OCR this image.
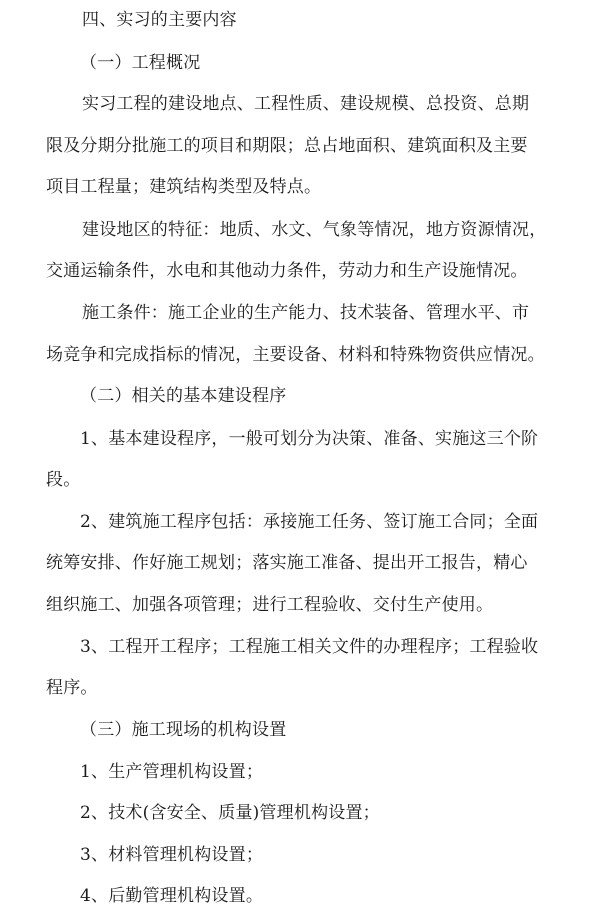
四、实习的主要内容
（一）工程概况
实习工程的建设地点、工程性质、建设规模、总投资、总期
限及分期分批施工的项目和期限；总占地面积、建筑面积及主要
项目工程量；建筑结构类型及特点。
建设地区的特征：地质、水文、气象等情况，地方资源情况，
交通运输条件，水电和其他动力条件，劳动力和生产设施情况。
施工条件：施工企业的生产能力、技术装备、管理水平、市
场竞争和完成指标的情况，主要设备、材料和特殊物资供应情况。
（二）相关的基本建设程序
1、基本建设程序，一般可划分为决策、准备、实施这三个阶
段。
2、建筑施工程序包括：承接施工任务、签订施工合同；全面
统筹安排、作好施工规划；落实施工准备、提出开工报告，精心
组织施工、加强各项管理；进行工程验收、交付生产使用。
3、工程开工程序；工程施工相关文件的办理程序；工程验收
程序。
（三）施工现场的机构设置
1、生产管理机构设置；
2、技术(含安全、质量)管理机构设置；
3、材料管理机构设置；
4、后勤管理机构设置。
